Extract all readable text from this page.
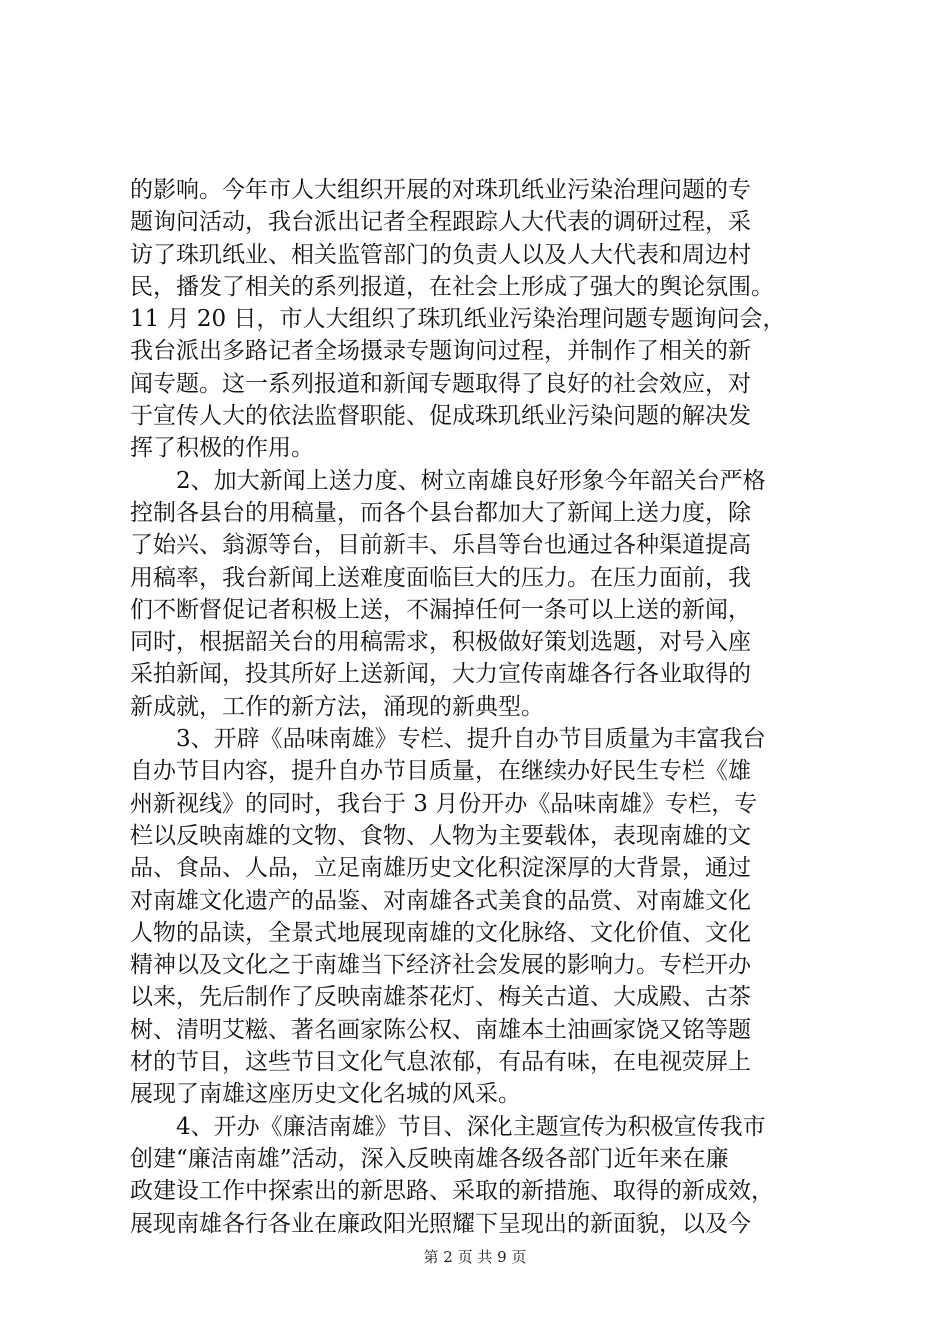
的影响。今年市人大组织开展的对珠玑纸业污染治理问题的专
题询问活动，我台派出记者全程跟踪人大代表的调研过程，采
访了珠玑纸业、相关监管部门的负责人以及人大代表和周边村
民，播发了相关的系列报道，在社会上形成了强大的舆论氛围。
11 月 20 日，市人大组织了珠玑纸业污染治理问题专题询问会，
我台派出多路记者全场摄录专题询问过程，并制作了相关的新
闻专题。这一系列报道和新闻专题取得了良好的社会效应，对
于宣传人大的依法监督职能、促成珠玑纸业污染问题的解决发
挥了积极的作用。
　　2、加大新闻上送力度、树立南雄良好形象今年韶关台严格
控制各县台的用稿量，而各个县台都加大了新闻上送力度，除
了始兴、翁源等台，目前新丰、乐昌等台也通过各种渠道提高
用稿率，我台新闻上送难度面临巨大的压力。在压力面前，我
们不断督促记者积极上送，不漏掉任何一条可以上送的新闻，
同时，根据韶关台的用稿需求，积极做好策划选题，对号入座
采拍新闻，投其所好上送新闻，大力宣传南雄各行各业取得的
新成就，工作的新方法，涌现的新典型。
　　3、开辟《品味南雄》专栏、提升自办节目质量为丰富我台
自办节目内容，提升自办节目质量，在继续办好民生专栏《雄
州新视线》的同时，我台于 3 月份开办《品味南雄》专栏，专
栏以反映南雄的文物、食物、人物为主要载体，表现南雄的文
品、食品、人品，立足南雄历史文化积淀深厚的大背景，通过
对南雄文化遗产的品鉴、对南雄各式美食的品赏、对南雄文化
人物的品读，全景式地展现南雄的文化脉络、文化价值、文化
精神以及文化之于南雄当下经济社会发展的影响力。专栏开办
以来，先后制作了反映南雄茶花灯、梅关古道、大成殿、古茶
树、清明艾糍、著名画家陈公权、南雄本土油画家饶又铭等题
材的节目，这些节目文化气息浓郁，有品有味，在电视荧屏上
展现了南雄这座历史文化名城的风采。
　　4、开办《廉洁南雄》节目、深化主题宣传为积极宣传我市
创建“廉洁南雄”活动，深入反映南雄各级各部门近年来在廉
政建设工作中探索出的新思路、采取的新措施、取得的新成效，
展现南雄各行各业在廉政阳光照耀下呈现出的新面貌，以及今
第 2 页 共 9 页
